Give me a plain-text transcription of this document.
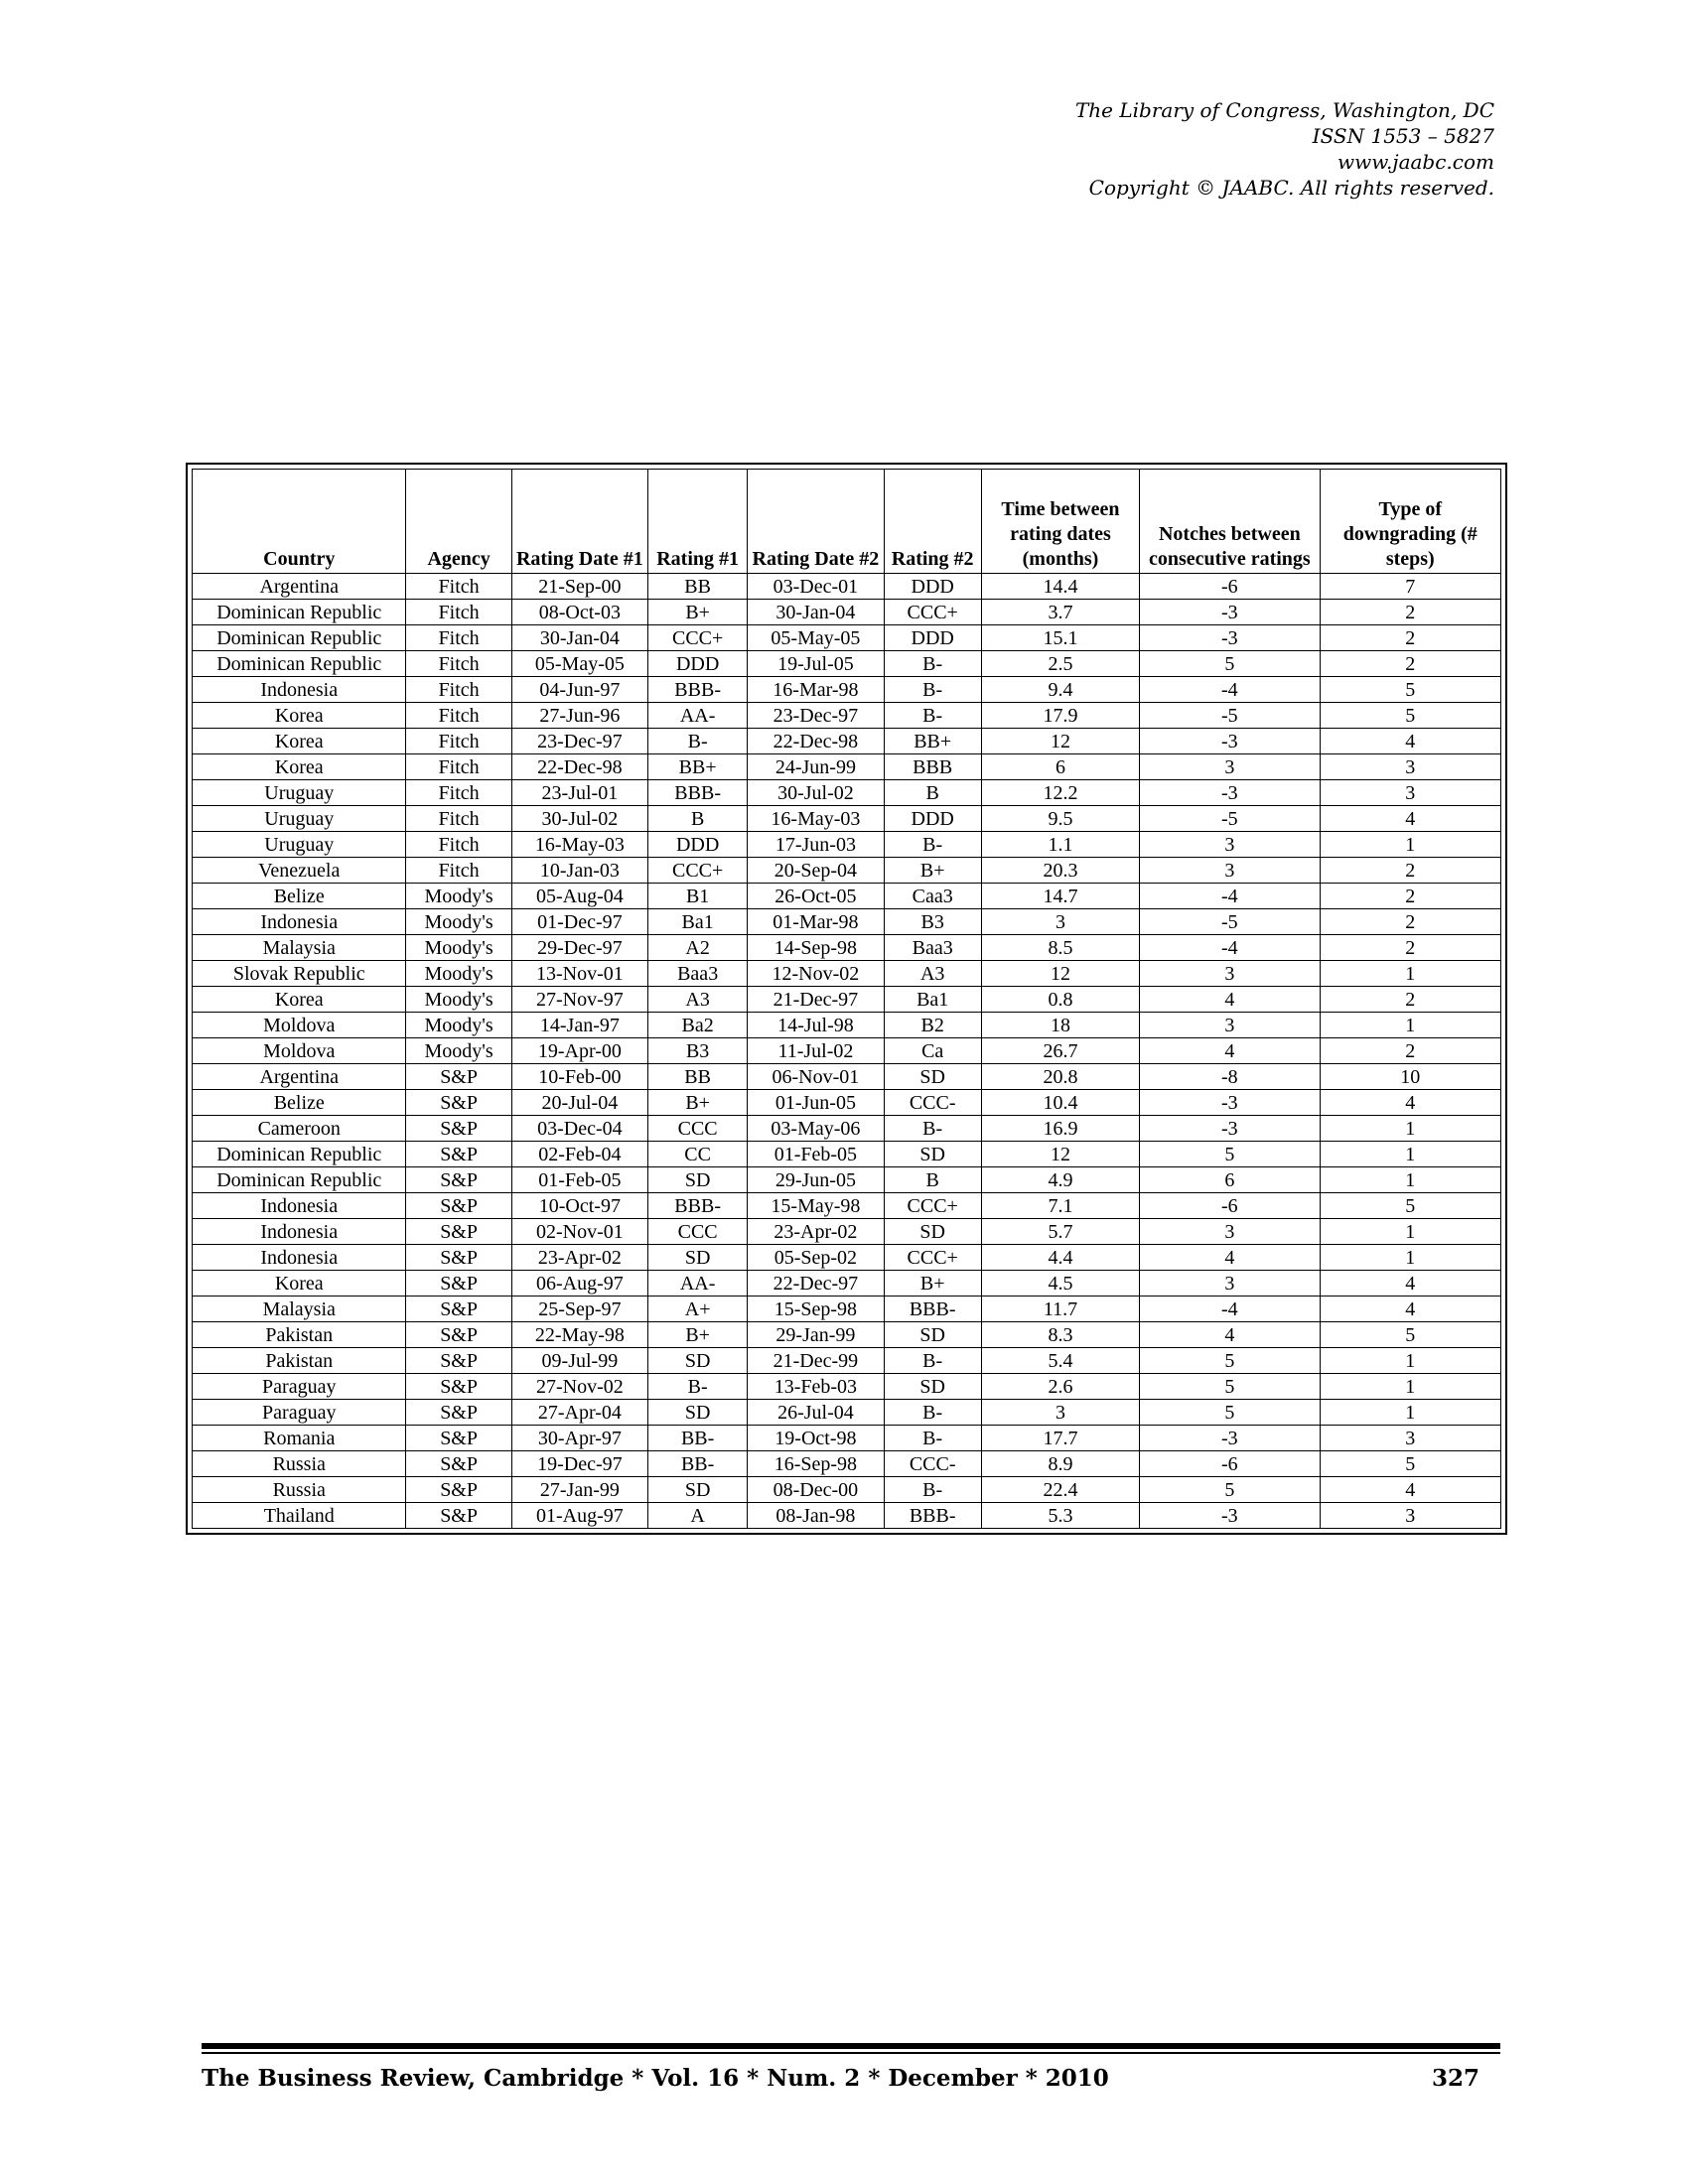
The Library of Congress, Washington, DC
ISSN 1553 – 5827
www.jaabc.com
Copyright © JAABC. All rights reserved.
Country	Agency	Rating Date #1	Rating #1	Rating Date #2	Rating #2	Time between rating dates (months)	Notches between consecutive ratings	Type of downgrading (# steps)
Argentina	Fitch	21-Sep-00	BB	03-Dec-01	DDD	14.4	-6	7
Dominican Republic	Fitch	08-Oct-03	B+	30-Jan-04	CCC+	3.7	-3	2
Dominican Republic	Fitch	30-Jan-04	CCC+	05-May-05	DDD	15.1	-3	2
Dominican Republic	Fitch	05-May-05	DDD	19-Jul-05	B-	2.5	5	2
Indonesia	Fitch	04-Jun-97	BBB-	16-Mar-98	B-	9.4	-4	5
Korea	Fitch	27-Jun-96	AA-	23-Dec-97	B-	17.9	-5	5
Korea	Fitch	23-Dec-97	B-	22-Dec-98	BB+	12	-3	4
Korea	Fitch	22-Dec-98	BB+	24-Jun-99	BBB	6	3	3
Uruguay	Fitch	23-Jul-01	BBB-	30-Jul-02	B	12.2	-3	3
Uruguay	Fitch	30-Jul-02	B	16-May-03	DDD	9.5	-5	4
Uruguay	Fitch	16-May-03	DDD	17-Jun-03	B-	1.1	3	1
Venezuela	Fitch	10-Jan-03	CCC+	20-Sep-04	B+	20.3	3	2
Belize	Moody's	05-Aug-04	B1	26-Oct-05	Caa3	14.7	-4	2
Indonesia	Moody's	01-Dec-97	Ba1	01-Mar-98	B3	3	-5	2
Malaysia	Moody's	29-Dec-97	A2	14-Sep-98	Baa3	8.5	-4	2
Slovak Republic	Moody's	13-Nov-01	Baa3	12-Nov-02	A3	12	3	1
Korea	Moody's	27-Nov-97	A3	21-Dec-97	Ba1	0.8	4	2
Moldova	Moody's	14-Jan-97	Ba2	14-Jul-98	B2	18	3	1
Moldova	Moody's	19-Apr-00	B3	11-Jul-02	Ca	26.7	4	2
Argentina	S&P	10-Feb-00	BB	06-Nov-01	SD	20.8	-8	10
Belize	S&P	20-Jul-04	B+	01-Jun-05	CCC-	10.4	-3	4
Cameroon	S&P	03-Dec-04	CCC	03-May-06	B-	16.9	-3	1
Dominican Republic	S&P	02-Feb-04	CC	01-Feb-05	SD	12	5	1
Dominican Republic	S&P	01-Feb-05	SD	29-Jun-05	B	4.9	6	1
Indonesia	S&P	10-Oct-97	BBB-	15-May-98	CCC+	7.1	-6	5
Indonesia	S&P	02-Nov-01	CCC	23-Apr-02	SD	5.7	3	1
Indonesia	S&P	23-Apr-02	SD	05-Sep-02	CCC+	4.4	4	1
Korea	S&P	06-Aug-97	AA-	22-Dec-97	B+	4.5	3	4
Malaysia	S&P	25-Sep-97	A+	15-Sep-98	BBB-	11.7	-4	4
Pakistan	S&P	22-May-98	B+	29-Jan-99	SD	8.3	4	5
Pakistan	S&P	09-Jul-99	SD	21-Dec-99	B-	5.4	5	1
Paraguay	S&P	27-Nov-02	B-	13-Feb-03	SD	2.6	5	1
Paraguay	S&P	27-Apr-04	SD	26-Jul-04	B-	3	5	1
Romania	S&P	30-Apr-97	BB-	19-Oct-98	B-	17.7	-3	3
Russia	S&P	19-Dec-97	BB-	16-Sep-98	CCC-	8.9	-6	5
Russia	S&P	27-Jan-99	SD	08-Dec-00	B-	22.4	5	4
Thailand	S&P	01-Aug-97	A	08-Jan-98	BBB-	5.3	-3	3
The Business Review, Cambridge * Vol. 16 * Num. 2 * December * 2010	327
